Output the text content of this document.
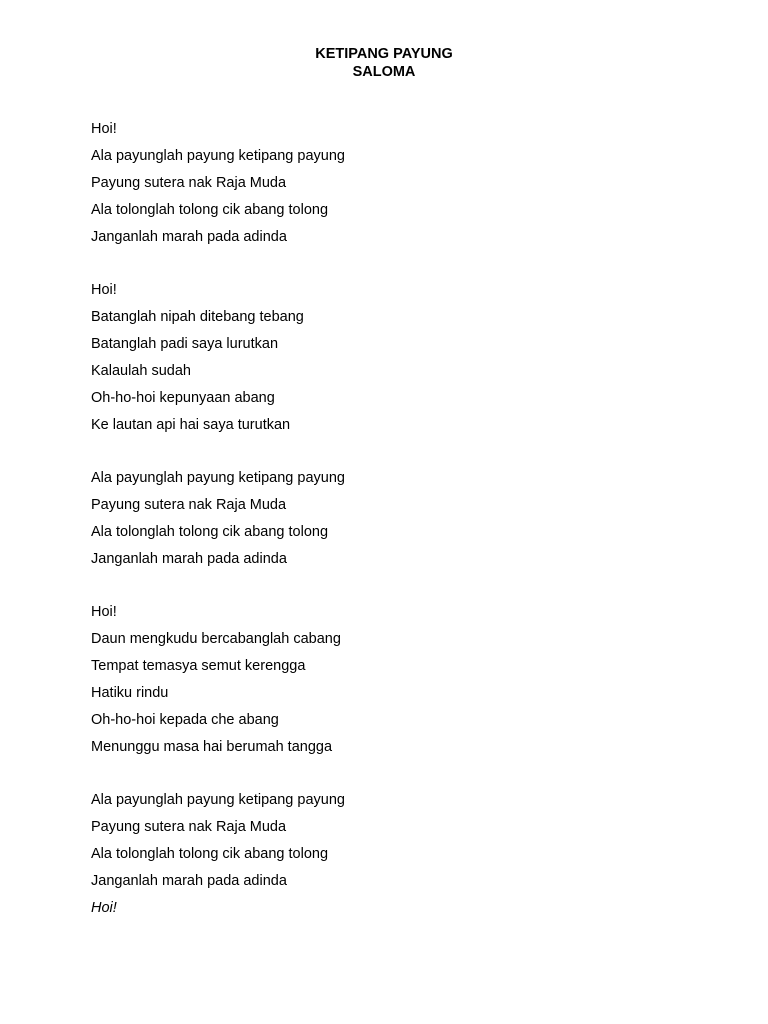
KETIPANG PAYUNG
SALOMA
Hoi!
Ala payunglah payung ketipang payung
Payung sutera nak Raja Muda
Ala tolonglah tolong cik abang tolong
Janganlah marah pada adinda
Hoi!
Batanglah nipah ditebang tebang
Batanglah padi saya lurutkan
Kalaulah sudah
Oh-ho-hoi kepunyaan abang
Ke lautan api hai saya turutkan
Ala payunglah payung ketipang payung
Payung sutera nak Raja Muda
Ala tolonglah tolong cik abang tolong
Janganlah marah pada adinda
Hoi!
Daun mengkudu bercabanglah cabang
Tempat temasya semut kerengga
Hatiku rindu
Oh-ho-hoi kepada che abang
Menunggu masa hai berumah tangga
Ala payunglah payung ketipang payung
Payung sutera nak Raja Muda
Ala tolonglah tolong cik abang tolong
Janganlah marah pada adinda
Hoi!
